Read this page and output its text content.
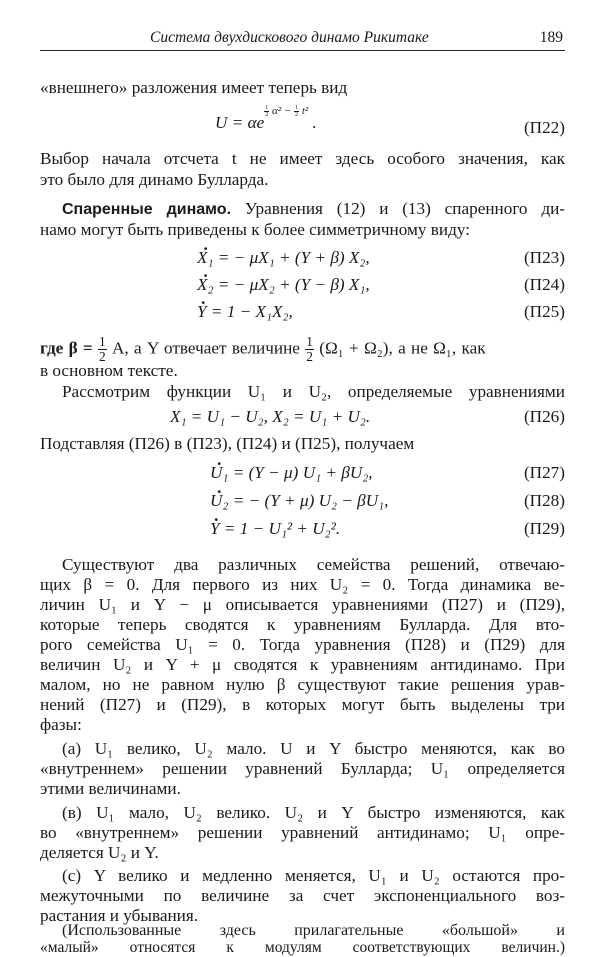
Система двухдискового динамо Рикитаке	189
«внешнего» разложения имеет теперь вид
U = αe
$^{\frac{1}{2} \alpha^2 - \frac{1}{2} t^2}$ .	(П22)
Выбор начала отсчета t не имеет здесь особого значения, как
это было для динамо Булларда.
Спаренные динамо. Уравнения (12) и (13) спаренного ди-
намо могут быть приведены к более симметричному виду:
· X₁ = − μX₁ + (Y + β) X₂,	(П23)
· X₂ = − μX₂ + (Y − β) X₁,	(П24)
· Y = 1 − X₁X₂,	(П25)
где $\beta = \frac{1}{2} A$, а Y отвечает величине $\frac{1}{2} (\Omega_1 + \Omega_2)$, а не Ω₁, как
в основном тексте.
Рассмотрим функции U₁ и U₂, определяемые уравнениями
X₁ = U₁ − U₂, X₂ = U₁ + U₂.	(П26)
Подставляя (П26) в (П23), (П24) и (П25), получаем
· U₁ = (Y − μ) U₁ + βU₂,	(П27)
· U₂ = − (Y + μ) U₂ − βU₁,	(П28)
· Y = 1 − U₁² + U₂².	(П29)
Существуют два различных семейства решений, отвечаю-
щих β = 0. Для первого из них U₂ = 0. Тогда динамика ве-
личин U₁ и Y − μ описывается уравнениями (П27) и (П29),
которые теперь сводятся к уравнениям Булларда. Для вто-
рого семейства U₁ = 0. Тогда уравнения (П28) и (П29) для
величин U₂ и Y + μ сводятся к уравнениям антидинамо. При
малом, но не равном нулю β существуют такие решения урав-
нений (П27) и (П29), в которых могут быть выделены три
фазы:
(а) U₁ велико, U₂ мало. U и Y быстро меняются, как во
«внутреннем» решении уравнений Булларда; U₁ определяется
этими величинами.
(в) U₁ мало, U₂ велико. U₂ и Y быстро изменяются, как
во «внутреннем» решении уравнений антидинамо; U₁ опре-
деляется U₂ и Y.
(с) Y велико и медленно меняется, U₁ и U₂ остаются про-
межуточными по величине за счет экспоненциального воз-
растания и убывания.
(Использованные здесь прилагательные «большой» и
«малый» относятся к модулям соответствующих величин.)
